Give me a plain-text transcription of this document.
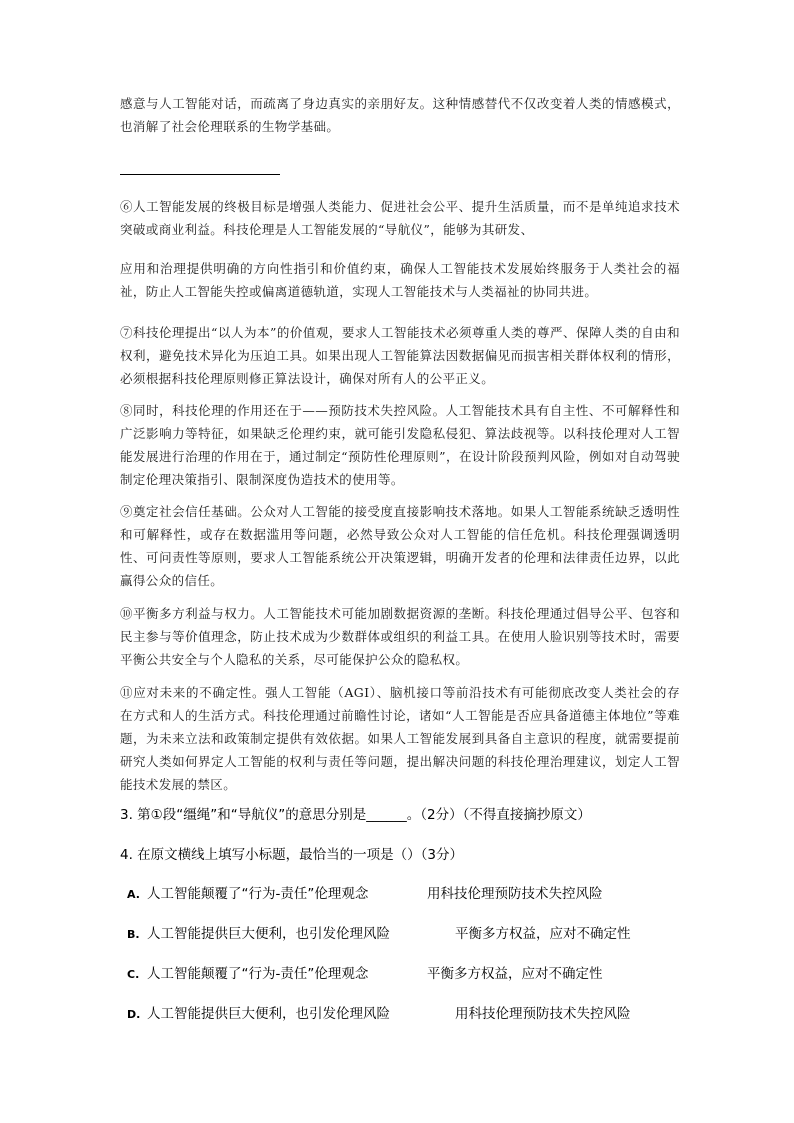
感意与人工智能对话，而疏离了身边真实的亲朋好友。这种情感替代不仅改变着人类的情感模式，也消解了社会伦理联系的生物学基础。
⑥人工智能发展的终极目标是增强人类能力、促进社会公平、提升生活质量，而不是单纯追求技术突破或商业利益。科技伦理是人工智能发展的“导航仪”，能够为其研发、
应用和治理提供明确的方向性指引和价值约束，确保人工智能技术发展始终服务于人类社会的福祉，防止人工智能失控或偏离道德轨道，实现人工智能技术与人类福祉的协同共进。
⑦科技伦理提出“以人为本”的价值观，要求人工智能技术必须尊重人类的尊严、保障人类的自由和权利，避免技术异化为压迫工具。如果出现人工智能算法因数据偏见而损害相关群体权利的情形，必须根据科技伦理原则修正算法设计，确保对所有人的公平正义。
⑧同时，科技伦理的作用还在于——预防技术失控风险。人工智能技术具有自主性、不可解释性和广泛影响力等特征，如果缺乏伦理约束，就可能引发隐私侵犯、算法歧视等。以科技伦理对人工智能发展进行治理的作用在于，通过制定“预防性伦理原则”，在设计阶段预判风险，例如对自动驾驶制定伦理决策指引、限制深度伪造技术的使用等。
⑨奠定社会信任基础。公众对人工智能的接受度直接影响技术落地。如果人工智能系统缺乏透明性和可解释性，或存在数据滥用等问题，必然导致公众对人工智能的信任危机。科技伦理强调透明性、可问责性等原则，要求人工智能系统公开决策逻辑，明确开发者的伦理和法律责任边界，以此赢得公众的信任。
⑩平衡多方利益与权力。人工智能技术可能加剧数据资源的垄断。科技伦理通过倡导公平、包容和民主参与等价值理念，防止技术成为少数群体或组织的利益工具。在使用人脸识别等技术时，需要平衡公共安全与个人隐私的关系，尽可能保护公众的隐私权。
⑪应对未来的不确定性。强人工智能（AGI）、脑机接口等前沿技术有可能彻底改变人类社会的存在方式和人的生活方式。科技伦理通过前瞻性讨论，诸如“人工智能是否应具备道德主体地位”等难题，为未来立法和政策制定提供有效依据。如果人工智能发展到具备自主意识的程度，就需要提前研究人类如何界定人工智能的权利与责任等问题，提出解决问题的科技伦理治理建议，划定人工智能技术发展的禁区。
3. 第①段“缰绳”和“导航仪”的意思分别是______。（2分）（不得直接摘抄原文）
4. 在原文横线上填写小标题，最恰当的一项是（）（3分）
A. 人工智能颠覆了“行为-责任”伦理观念	用科技伦理预防技术失控风险
B. 人工智能提供巨大便利，也引发伦理风险	平衡多方权益，应对不确定性
C. 人工智能颠覆了“行为-责任”伦理观念	平衡多方权益，应对不确定性
D. 人工智能提供巨大便利，也引发伦理风险	用科技伦理预防技术失控风险
